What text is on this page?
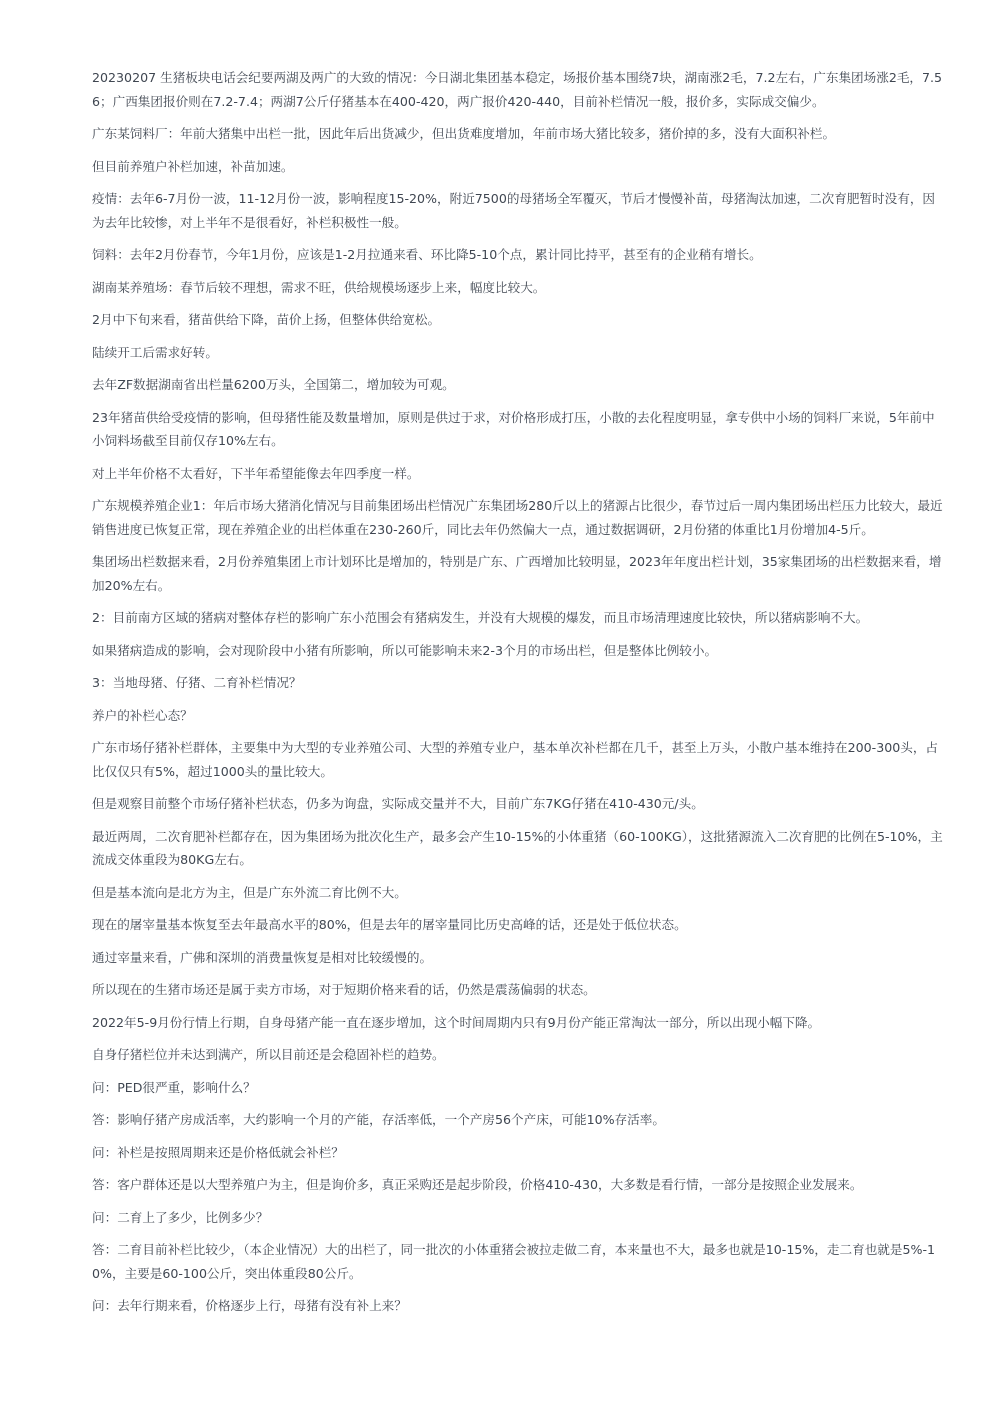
20230207 生猪板块电话会纪要两湖及两广的大致的情况：今日湖北集团基本稳定，场报价基本围绕7块，湖南涨2毛，7.2左右，广东集团场涨2毛，7.56；广西集团报价则在7.2-7.4；两湖7公斤仔猪基本在400-420，两广报价420-440，目前补栏情况一般，报价多，实际成交偏少。

广东某饲料厂：年前大猪集中出栏一批，因此年后出货减少，但出货难度增加，年前市场大猪比较多，猪价掉的多，没有大面积补栏。

但目前养殖户补栏加速，补苗加速。

疫情：去年6-7月份一波，11-12月份一波，影响程度15-20%，附近7500的母猪场全军覆灭，节后才慢慢补苗，母猪淘汰加速，二次育肥暂时没有，因为去年比较惨，对上半年不是很看好，补栏积极性一般。

饲料：去年2月份春节，今年1月份，应该是1-2月拉通来看、环比降5-10个点，累计同比持平，甚至有的企业稍有增长。

湖南某养殖场：春节后较不理想，需求不旺，供给规模场逐步上来，幅度比较大。

2月中下旬来看，猪苗供给下降，苗价上扬，但整体供给宽松。

陆续开工后需求好转。

去年ZF数据湖南省出栏量6200万头，全国第二，增加较为可观。

23年猪苗供给受疫情的影响，但母猪性能及数量增加，原则是供过于求，对价格形成打压，小散的去化程度明显，拿专供中小场的饲料厂来说，5年前中小饲料场截至目前仅存10%左右。

对上半年价格不太看好，下半年希望能像去年四季度一样。

广东规模养殖企业1：年后市场大猪消化情况与目前集团场出栏情况广东集团场280斤以上的猪源占比很少，春节过后一周内集团场出栏压力比较大，最近销售进度已恢复正常，现在养殖企业的出栏体重在230-260斤，同比去年仍然偏大一点，通过数据调研，2月份猪的体重比1月份增加4-5斤。

集团场出栏数据来看，2月份养殖集团上市计划环比是增加的，特别是广东、广西增加比较明显，2023年年度出栏计划，35家集团场的出栏数据来看，增加20%左右。

2：目前南方区域的猪病对整体存栏的影响广东小范围会有猪病发生，并没有大规模的爆发，而且市场清理速度比较快，所以猪病影响不大。

如果猪病造成的影响，会对现阶段中小猪有所影响，所以可能影响未来2-3个月的市场出栏，但是整体比例较小。

3：当地母猪、仔猪、二育补栏情况？

养户的补栏心态？

广东市场仔猪补栏群体，主要集中为大型的专业养殖公司、大型的养殖专业户，基本单次补栏都在几千，甚至上万头，小散户基本维持在200-300头，占比仅仅只有5%，超过1000头的量比较大。

但是观察目前整个市场仔猪补栏状态，仍多为询盘，实际成交量并不大，目前广东7KG仔猪在410-430元/头。

最近两周，二次育肥补栏都存在，因为集团场为批次化生产，最多会产生10-15%的小体重猪（60-100KG），这批猪源流入二次育肥的比例在5-10%，主流成交体重段为80KG左右。

但是基本流向是北方为主，但是广东外流二育比例不大。

现在的屠宰量基本恢复至去年最高水平的80%，但是去年的屠宰量同比历史高峰的话，还是处于低位状态。

通过宰量来看，广佛和深圳的消费量恢复是相对比较缓慢的。

所以现在的生猪市场还是属于卖方市场，对于短期价格来看的话，仍然是震荡偏弱的状态。

2022年5-9月份行情上行期，自身母猪产能一直在逐步增加，这个时间周期内只有9月份产能正常淘汰一部分，所以出现小幅下降。

自身仔猪栏位并未达到满产，所以目前还是会稳固补栏的趋势。

问：PED很严重，影响什么？

答：影响仔猪产房成活率，大约影响一个月的产能，存活率低，一个产房56个产床，可能10%存活率。

问：补栏是按照周期来还是价格低就会补栏？

答：客户群体还是以大型养殖户为主，但是询价多，真正采购还是起步阶段，价格410-430，大多数是看行情，一部分是按照企业发展来。

问：二育上了多少，比例多少？

答：二育目前补栏比较少，（本企业情况）大的出栏了，同一批次的小体重猪会被拉走做二育，本来量也不大，最多也就是10-15%，走二育也就是5%-10%，主要是60-100公斤，突出体重段80公斤。

问：去年行期来看，价格逐步上行，母猪有没有补上来？
